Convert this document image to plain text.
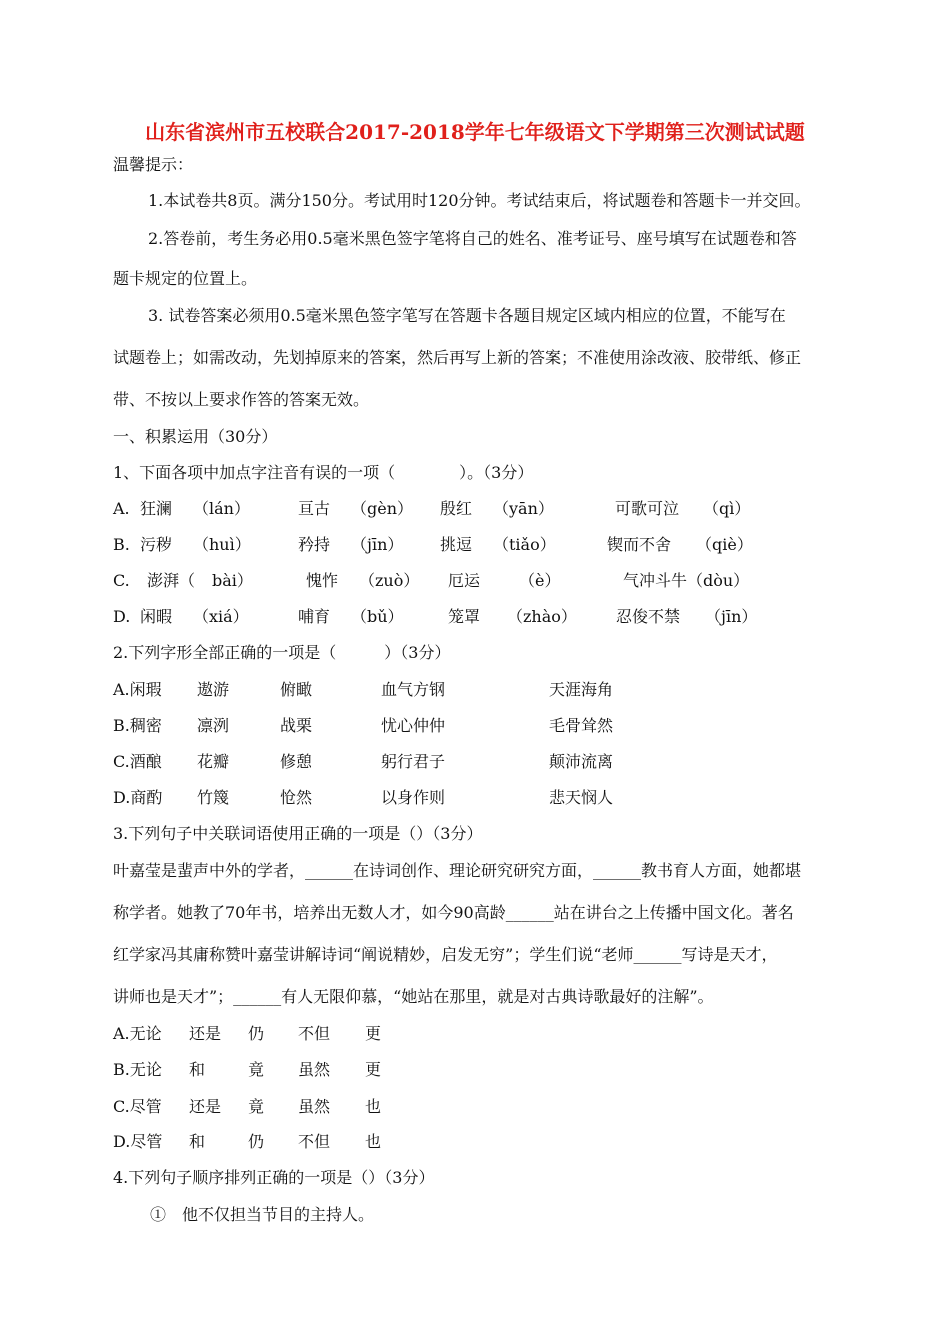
山东省滨州市五校联合2017-2018学年七年级语文下学期第三次测试试题
温馨提示：
1.本试卷共8页。满分150分。考试用时120分钟。考试结束后，将试题卷和答题卡一并交回。
2.答卷前，考生务必用0.5毫米黑色签字笔将自己的姓名、准考证号、座号填写在试题卷和答
题卡规定的位置上。
3. 试卷答案必须用0.5毫米黑色签字笔写在答题卡各题目规定区域内相应的位置，不能写在
试题卷上；如需改动，先划掉原来的答案，然后再写上新的答案；不准使用涂改液、胶带纸、修正
带、不按以上要求作答的答案无效。
一、积累运用（30分）
1、下面各项中加点字注音有误的一项（　　　　）。（3分）
A. 狂澜 （lán）	亘古 （gèn） 殷红 （yān）	可歌可泣 （qì）
B. 污秽 （huì）	矜持 （jīn） 挑逗 （tiǎo）	锲而不舍 （qiè）
C. 澎湃（ bài）	愧怍 （zuò） 厄运 （è）	气冲斗牛（dòu）
D. 闲暇 （xiá）	哺育 （bǔ）	笼罩 （zhào） 忍俊不禁 （jīn）
2.下列字形全部正确的一项是（　　　）（3分）
A.闲瑕 遨游	俯瞰	血气方钢	天涯海角
B.稠密 凛洌	战栗	忧心仲仲	毛骨耸然
C.酒酿 花瓣	修憩	躬行君子	颠沛流离
D.商酌 竹篾	怆然	以身作则	悲天悯人
3.下列句子中关联词语使用正确的一项是（）（3分）
叶嘉莹是蜚声中外的学者，______在诗词创作、理论研究研究方面，______教书育人方面，她都堪
称学者。她教了70年书，培养出无数人才，如今90高龄______站在讲台之上传播中国文化。著名
红学家冯其庸称赞叶嘉莹讲解诗词“阐说精妙，启发无穷”；学生们说“老师______写诗是天才，
讲师也是天才”；______有人无限仰慕，“她站在那里，就是对古典诗歌最好的注解”。
A.无论 还是 仍 不但 更
B.无论 和	竟 虽然 更
C.尽管 还是 竟 虽然 也
D.尽管 和	仍 不但 也
4.下列句子顺序排列正确的一项是（）（3分）
①　他不仅担当节目的主持人。
